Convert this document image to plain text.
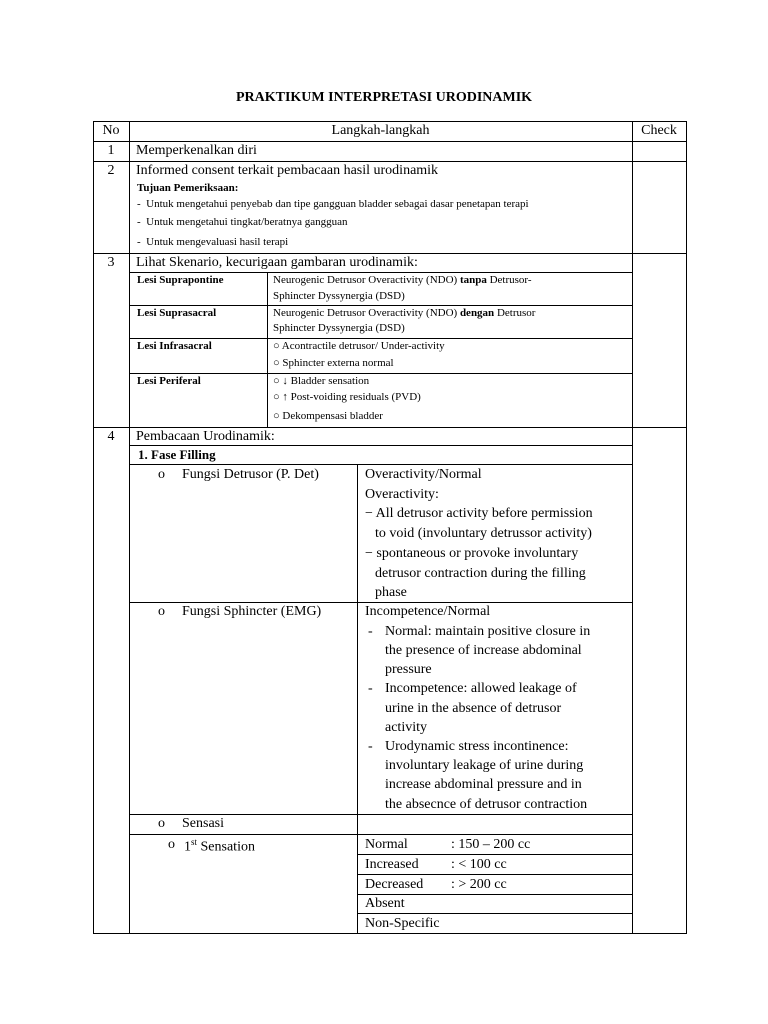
PRAKTIKUM INTERPRETASI URODINAMIK
No	Langkah-langkah	Check
1	Memperkenalkan diri
2	Informed consent terkait pembacaan hasil urodinamik
Tujuan Pemeriksaan:
-  Untuk mengetahui penyebab dan tipe gangguan bladder sebagai dasar penetapan terapi
-  Untuk mengetahui tingkat/beratnya gangguan
-  Untuk mengevaluasi hasil terapi
3	Lihat Skenario, kecurigaan gambaran urodinamik:
Lesi Suprapontine	Neurogenic Detrusor Overactivity (NDO) tanpa Detrusor-
Sphincter Dyssynergia (DSD)
Lesi Suprasacral	Neurogenic Detrusor Overactivity (NDO) dengan Detrusor
Sphincter Dyssynergia (DSD)
Lesi Infrasacral	○ Acontractile detrusor/ Under-activity
○ Sphincter externa normal
Lesi Periferal	○ ↓ Bladder sensation
○ ↑ Post-voiding residuals (PVD)
○ Dekompensasi bladder
4	Pembacaan Urodinamik:
1. Fase Filling
o Fungsi Detrusor (P. Det)	Overactivity/Normal
Overactivity:
− All detrusor activity before permission
to void (involuntary detrussor activity)
− spontaneous or provoke involuntary
detrusor contraction during the filling
phase
o Fungsi Sphincter (EMG)	Incompetence/Normal
- Normal: maintain positive closure in
the presence of increase abdominal
pressure
- Incompetence: allowed leakage of
urine in the absence of detrusor
activity
- Urodynamic stress incontinence:
involuntary leakage of urine during
increase abdominal pressure and in
the absecnce of detrusor contraction
o Sensasi
o 1st Sensation	Normal	: 150 – 200 cc
Increased : < 100 cc
Decreased : > 200 cc
Absent
Non-Specific
